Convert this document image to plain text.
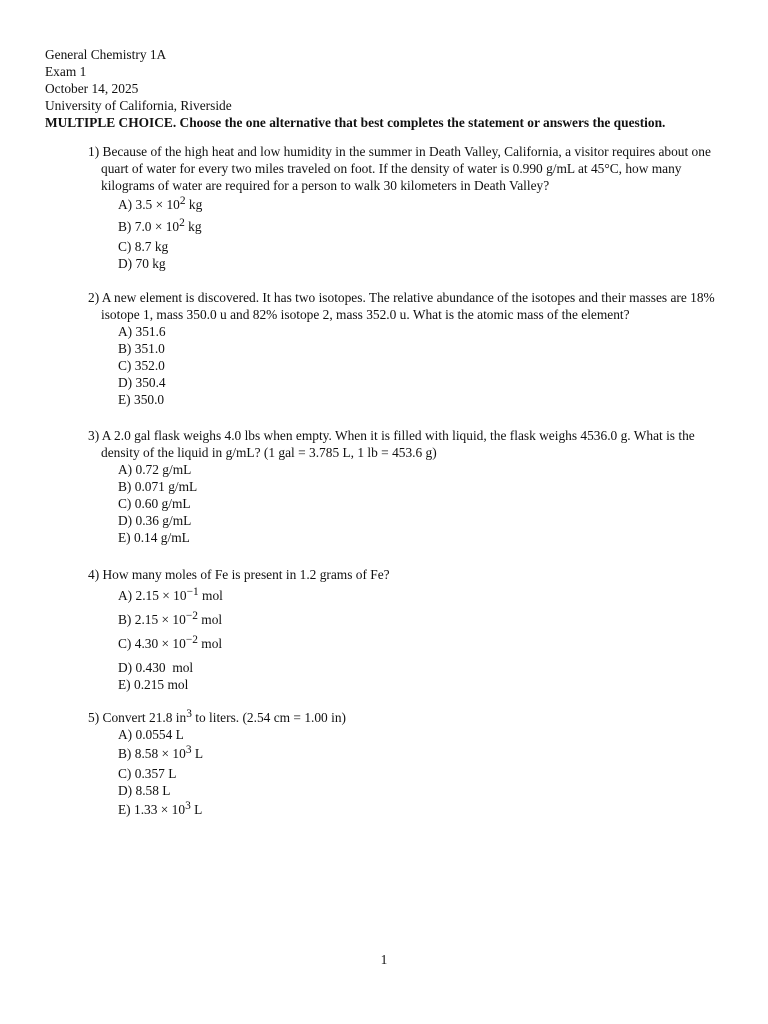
General Chemistry 1A
Exam 1
October 14, 2025
University of California, Riverside
MULTIPLE CHOICE. Choose the one alternative that best completes the statement or answers the question.
1) Because of the high heat and low humidity in the summer in Death Valley, California, a visitor requires about one quart of water for every two miles traveled on foot. If the density of water is 0.990 g/mL at 45°C, how many kilograms of water are required for a person to walk 30 kilometers in Death Valley?
A) $3.5 \times 10^2$ kg
B) $7.0 \times 10^2$ kg
C) 8.7 kg
D) 70 kg
2) A new element is discovered. It has two isotopes. The relative abundance of the isotopes and their masses are 18% isotope 1, mass 350.0 u and 82% isotope 2, mass 352.0 u. What is the atomic mass of the element?
A) 351.6
B) 351.0
C) 352.0
D) 350.4
E) 350.0
3) A 2.0 gal flask weighs 4.0 lbs when empty. When it is filled with liquid, the flask weighs 4536.0 g. What is the density of the liquid in g/mL? (1 gal = 3.785 L, 1 lb = 453.6 g)
A) 0.72 g/mL
B) 0.071 g/mL
C) 0.60 g/mL
D) 0.36 g/mL
E) 0.14 g/mL
4) How many moles of Fe is present in 1.2 grams of Fe?
A) $2.15 \times 10^{-1}$ mol
B) $2.15 \times 10^{-2}$ mol
C) $4.30 \times 10^{-2}$ mol
D) 0.430  mol
E) 0.215 mol
5) Convert 21.8 $in^3$ to liters. (2.54 cm = 1.00 in)
A) 0.0554 L
B) $8.58 \times 10^3$ L
C) 0.357 L
D) 8.58 L
E) $1.33 \times 10^3$ L
1
